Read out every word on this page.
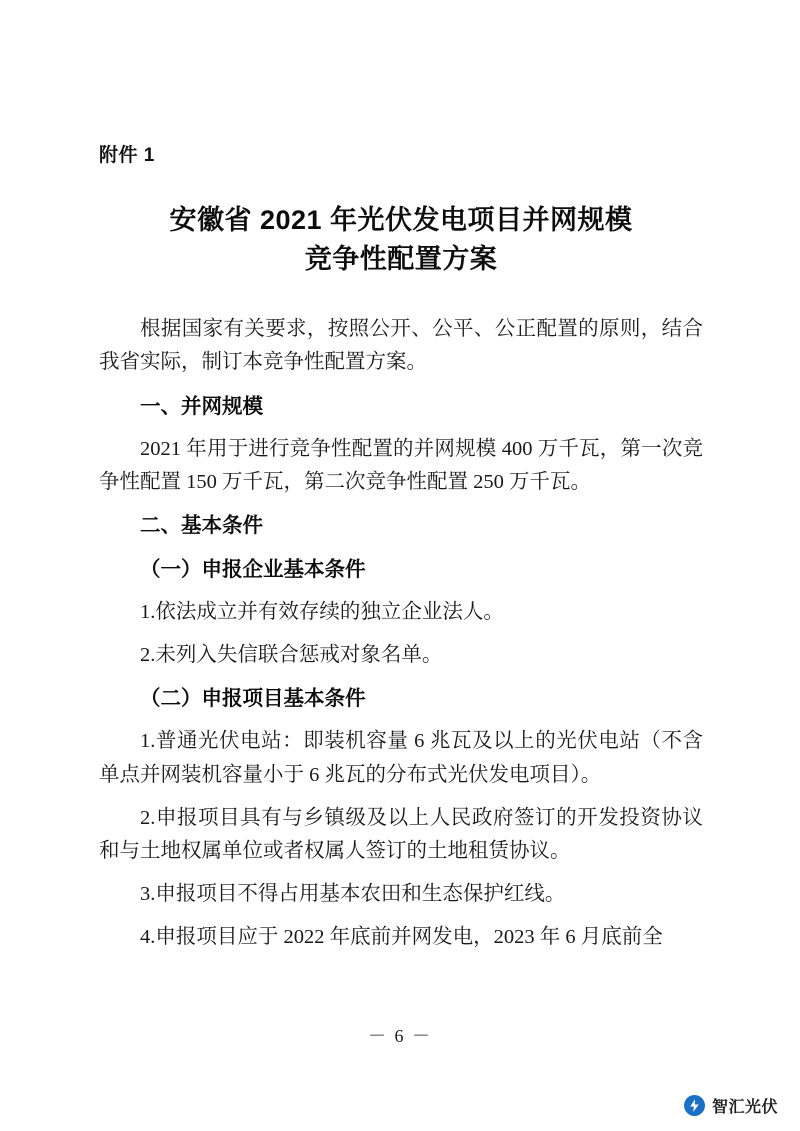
附件 1
安徽省 2021 年光伏发电项目并网规模
竞争性配置方案

根据国家有关要求，按照公开、公平、公正配置的原则，结合我省实际，制订本竞争性配置方案。

一、并网规模

2021 年用于进行竞争性配置的并网规模 400 万千瓦，第一次竞争性配置 150 万千瓦，第二次竞争性配置 250 万千瓦。

二、基本条件

（一）申报企业基本条件

1.依法成立并有效存续的独立企业法人。

2.未列入失信联合惩戒对象名单。

（二）申报项目基本条件

1.普通光伏电站：即装机容量 6 兆瓦及以上的光伏电站（不含单点并网装机容量小于 6 兆瓦的分布式光伏发电项目）。

2.申报项目具有与乡镇级及以上人民政府签订的开发投资协议和与土地权属单位或者权属人签订的土地租赁协议。

3.申报项目不得占用基本农田和生态保护红线。

4.申报项目应于 2022 年底前并网发电，2023 年 6 月底前全

－ 6 －
智汇光伏
